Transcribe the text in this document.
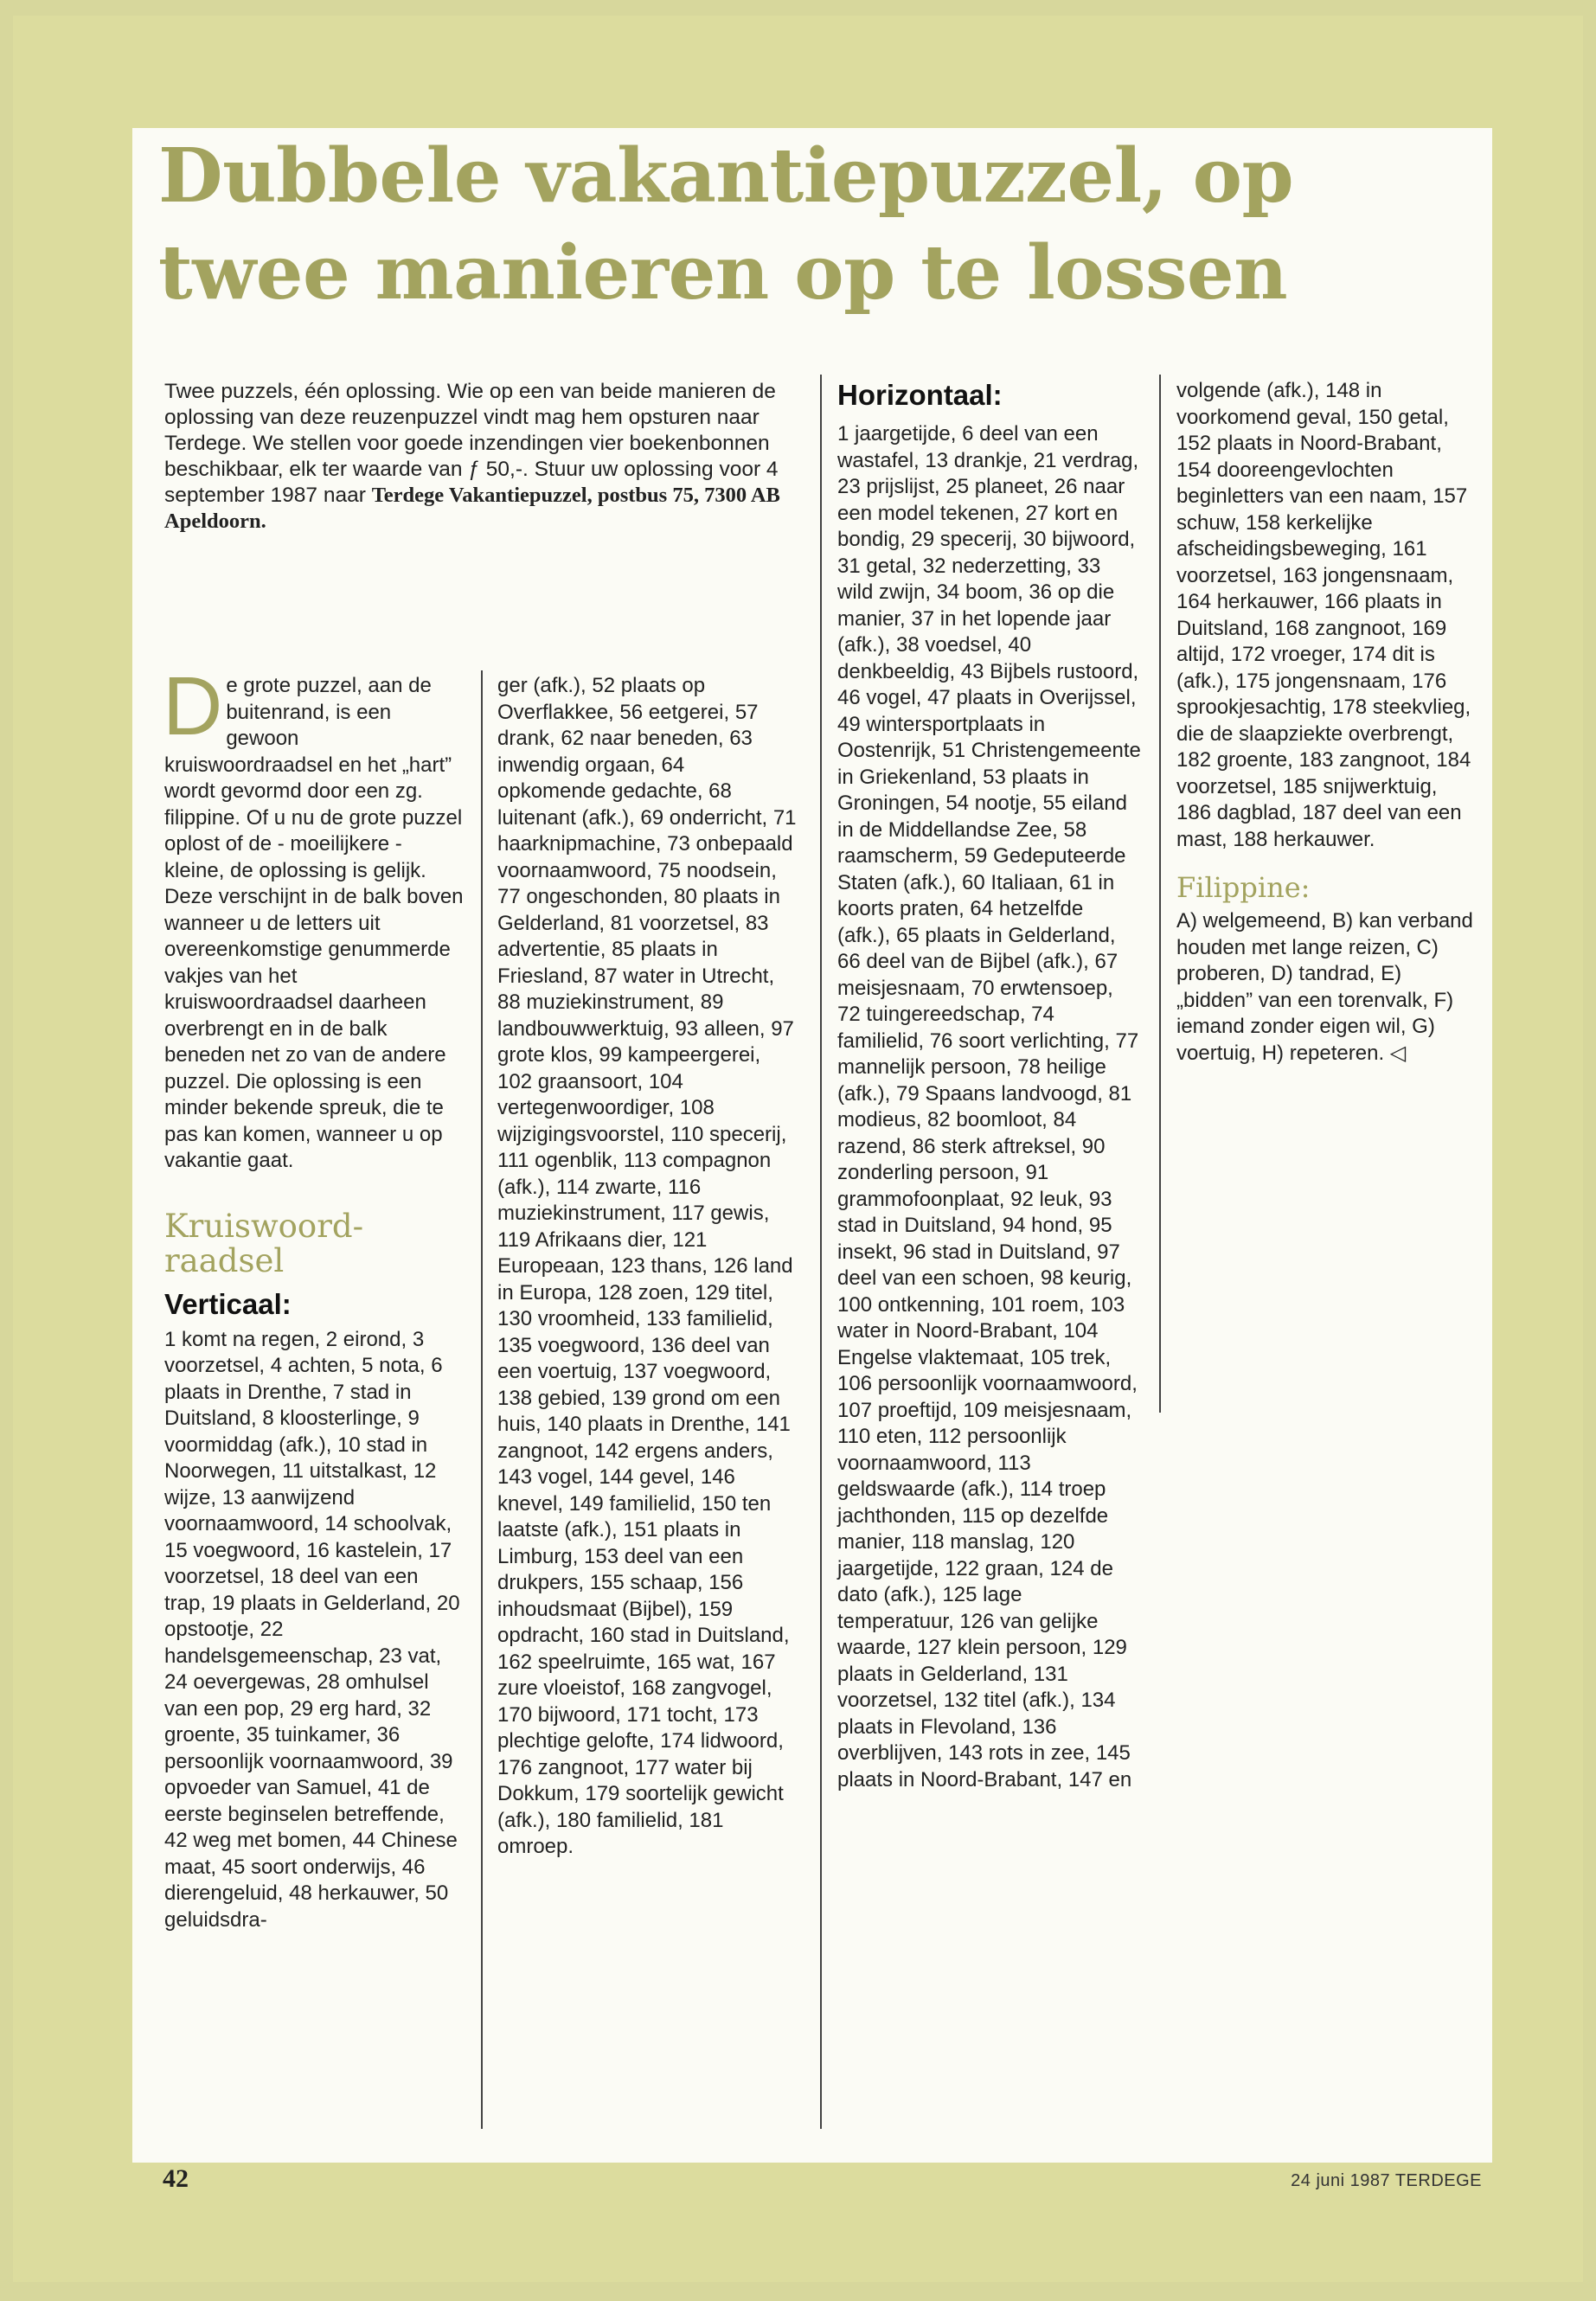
Dubbele vakantiepuzzel, op twee manieren op te lossen
Twee puzzels, één oplossing. Wie op een van beide manieren de oplossing van deze reuzenpuzzel vindt mag hem opsturen naar Terdege. We stellen voor goede inzendingen vier boekenbonnen beschikbaar, elk ter waarde van ƒ 50,-. Stuur uw oplossing voor 4 september 1987 naar Terdege Vakantiepuzzel, postbus 75, 7300 AB Apeldoorn.

De grote puzzel, aan de buitenrand, is een gewoon kruiswoordraadsel en het „hart” wordt gevormd door een zg. filippine. Of u nu de grote puzzel oplost of de - moeilijkere - kleine, de oplossing is gelijk. Deze verschijnt in de balk boven wanneer u de letters uit overeenkomstige genummerde vakjes van het kruiswoordraadsel daarheen overbrengt en in de balk beneden net zo van de andere puzzel. Die oplossing is een minder bekende spreuk, die te pas kan komen, wanneer u op vakantie gaat.

Kruiswoord-raadsel
Verticaal:

1 komt na regen, 2 eirond, 3 voorzetsel, 4 achten, 5 nota, 6 plaats in Drenthe, 7 stad in Duitsland, 8 kloosterlinge, 9 voormiddag (afk.), 10 stad in Noorwegen, 11 uitstalkast, 12 wijze, 13 aanwijzend voornaamwoord, 14 schoolvak, 15 voegwoord, 16 kastelein, 17 voorzetsel, 18 deel van een trap, 19 plaats in Gelderland, 20 opstootje, 22 handelsgemeenschap, 23 vat, 24 oevergewas, 28 omhulsel van een pop, 29 erg hard, 32 groente, 35 tuinkamer, 36 persoonlijk voornaamwoord, 39 opvoeder van Samuel, 41 de eerste beginselen betreffende, 42 weg met bomen, 44 Chinese maat, 45 soort onderwijs, 46 dierengeluid, 48 herkauwer, 50 geluidsdra-

ger (afk.), 52 plaats op Overflakkee, 56 eetgerei, 57 drank, 62 naar beneden, 63 inwendig orgaan, 64 opkomende gedachte, 68 luitenant (afk.), 69 onderricht, 71 haarknipmachine, 73 onbepaald voornaamwoord, 75 noodsein, 77 ongeschonden, 80 plaats in Gelderland, 81 voorzetsel, 83 advertentie, 85 plaats in Friesland, 87 water in Utrecht, 88 muziekinstrument, 89 landbouwwerktuig, 93 alleen, 97 grote klos, 99 kampeergerei, 102 graansoort, 104 vertegenwoordiger, 108 wijzigingsvoorstel, 110 specerij, 111 ogenblik, 113 compagnon (afk.), 114 zwarte, 116 muziekinstrument, 117 gewis, 119 Afrikaans dier, 121 Europeaan, 123 thans, 126 land in Europa, 128 zoen, 129 titel, 130 vroomheid, 133 familielid, 135 voegwoord, 136 deel van een voertuig, 137 voegwoord, 138 gebied, 139 grond om een huis, 140 plaats in Drenthe, 141 zangnoot, 142 ergens anders, 143 vogel, 144 gevel, 146 knevel, 149 familielid, 150 ten laatste (afk.), 151 plaats in Limburg, 153 deel van een drukpers, 155 schaap, 156 inhoudsmaat (Bijbel), 159 opdracht, 160 stad in Duitsland, 162 speelruimte, 165 wat, 167 zure vloeistof, 168 zangvogel, 170 bijwoord, 171 tocht, 173 plechtige gelofte, 174 lidwoord, 176 zangnoot, 177 water bij Dokkum, 179 soortelijk gewicht (afk.), 180 familielid, 181 omroep.

Horizontaal:

1 jaargetijde, 6 deel van een wastafel, 13 drankje, 21 verdrag, 23 prijslijst, 25 planeet, 26 naar een model tekenen, 27 kort en bondig, 29 specerij, 30 bijwoord, 31 getal, 32 nederzetting, 33 wild zwijn, 34 boom, 36 op die manier, 37 in het lopende jaar (afk.), 38 voedsel, 40 denkbeeldig, 43 Bijbels rustoord, 46 vogel, 47 plaats in Overijssel, 49 wintersportplaats in Oostenrijk, 51 Christengemeente in Griekenland, 53 plaats in Groningen, 54 nootje, 55 eiland in de Middellandse Zee, 58 raamscherm, 59 Gedeputeerde Staten (afk.), 60 Italiaan, 61 in koorts praten, 64 hetzelfde (afk.), 65 plaats in Gelderland, 66 deel van de Bijbel (afk.), 67 meisjesnaam, 70 erwtensoep, 72 tuingereedschap, 74 familielid, 76 soort verlichting, 77 mannelijk persoon, 78 heilige (afk.), 79 Spaans landvoogd, 81 modieus, 82 boomloot, 84 razend, 86 sterk aftreksel, 90 zonderling persoon, 91 grammofoonplaat, 92 leuk, 93 stad in Duitsland, 94 hond, 95 insekt, 96 stad in Duitsland, 97 deel van een schoen, 98 keurig, 100 ontkenning, 101 roem, 103 water in Noord-Brabant, 104 Engelse vlaktemaat, 105 trek, 106 persoonlijk voornaamwoord, 107 proeftijd, 109 meisjesnaam, 110 eten, 112 persoonlijk voornaamwoord, 113 geldswaarde (afk.), 114 troep jachthonden, 115 op dezelfde manier, 118 manslag, 120 jaargetijde, 122 graan, 124 de dato (afk.), 125 lage temperatuur, 126 van gelijke waarde, 127 klein persoon, 129 plaats in Gelderland, 131 voorzetsel, 132 titel (afk.), 134 plaats in Flevoland, 136 overblijven, 143 rots in zee, 145 plaats in Noord-Brabant, 147 en

volgende (afk.), 148 in voorkomend geval, 150 getal, 152 plaats in Noord-Brabant, 154 dooreengevlochten beginletters van een naam, 157 schuw, 158 kerkelijke afscheidingsbeweging, 161 voorzetsel, 163 jongensnaam, 164 herkauwer, 166 plaats in Duitsland, 168 zangnoot, 169 altijd, 172 vroeger, 174 dit is (afk.), 175 jongensnaam, 176 sprookjesachtig, 178 steekvlieg, die de slaapziekte overbrengt, 182 groente, 183 zangnoot, 184 voorzetsel, 185 snijwerktuig, 186 dagblad, 187 deel van een mast, 188 herkauwer.

Filippine:

A) welgemeend, B) kan verband houden met lange reizen, C) proberen, D) tandrad, E) „bidden” van een torenvalk, F) iemand zonder eigen wil, G) voertuig, H) repeteren. ◁

42	24 juni 1987 TERDEGE
